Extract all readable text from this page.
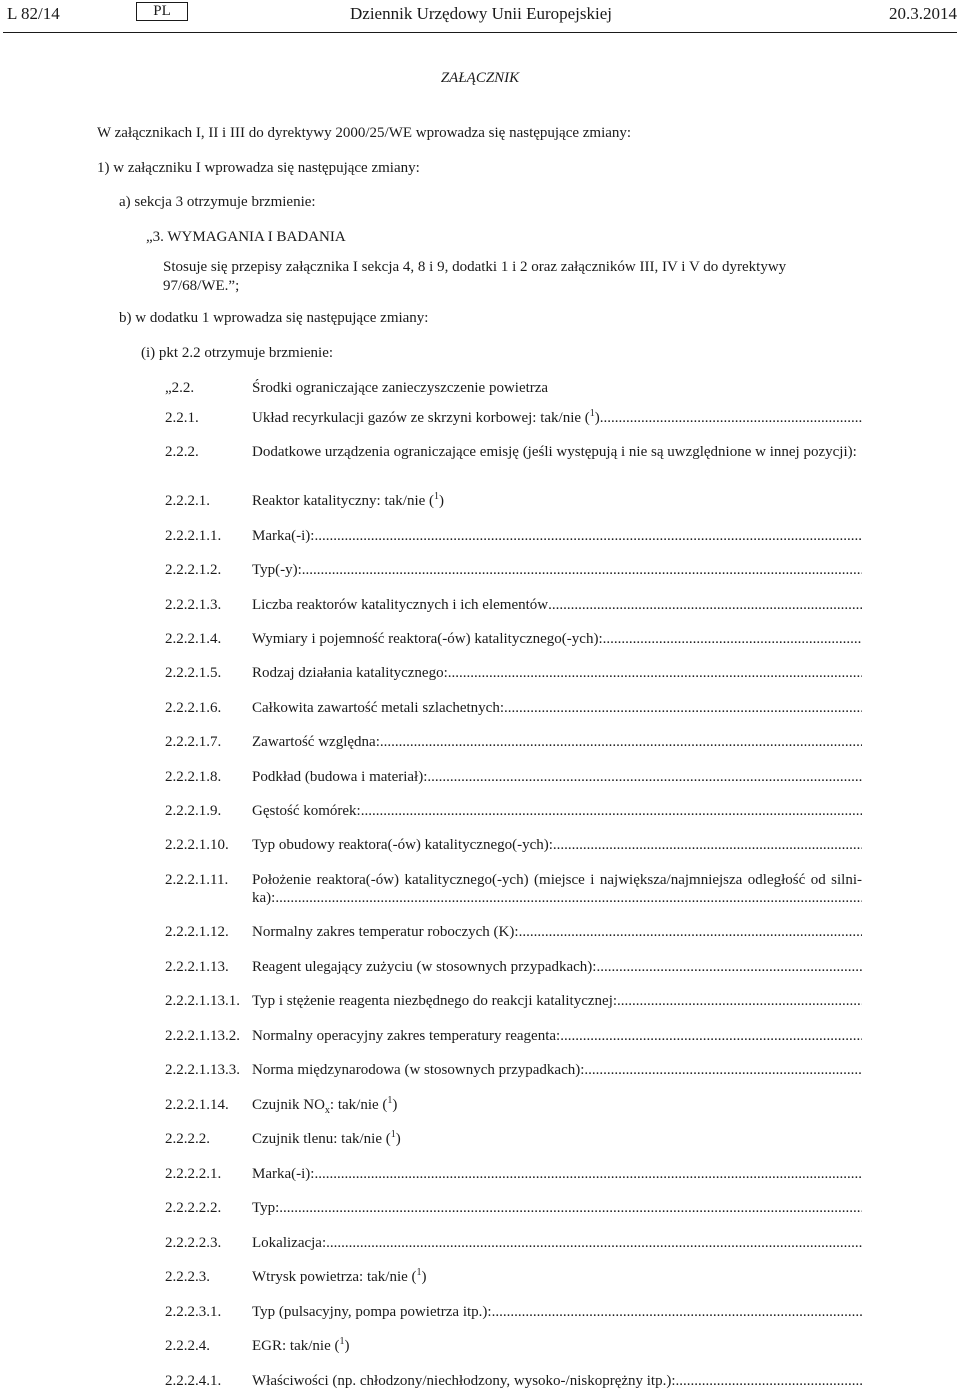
L 82/14	PL	Dziennik Urzędowy Unii Europejskiej	20.3.2014
ZAŁĄCZNIK
W załącznikach I, II i III do dyrektywy 2000/25/WE wprowadza się następujące zmiany:
1) w załączniku I wprowadza się następujące zmiany:
a) sekcja 3 otrzymuje brzmienie:
„3. WYMAGANIA I BADANIA
Stosuje się przepisy załącznika I sekcja 4, 8 i 9, dodatki 1 i 2 oraz załączników III, IV i V do dyrektywy
97/68/WE.”;
b) w dodatku 1 wprowadza się następujące zmiany:
(i) pkt 2.2 otrzymuje brzmienie:
„2.2.	Środki ograniczające zanieczyszczenie powietrza
2.2.1.	Układ recyrkulacji gazów ze skrzyni korbowej: tak/nie ($^1$)
.....
2.2.2.	Dodatkowe urządzenia ograniczające emisję (jeśli występują i nie są uwzględnione w innej pozycji):
2.2.2.1.	Reaktor katalityczny: tak/nie ($^1$)
2.2.2.1.1. Marka(-i):
.....
2.2.2.1.2. Typ(-y):
.....
2.2.2.1.3. Liczba reaktorów katalitycznych i ich elementów
.....
2.2.2.1.4. Wymiary i pojemność reaktora(-ów) katalitycznego(-ych):
.....
2.2.2.1.5. Rodzaj działania katalitycznego:
.....
2.2.2.1.6. Całkowita zawartość metali szlachetnych:
.....
2.2.2.1.7. Zawartość względna:
.....
2.2.2.1.8. Podkład (budowa i materiał):
.....
2.2.2.1.9. Gęstość komórek:
.....
2.2.2.1.10. Typ obudowy reaktora(-ów) katalitycznego(-ych):
.....
2.2.2.1.11. Położenie reaktora(-ów) katalitycznego(-ych) (miejsce i największa/najmniejsza odległość od silni-
ka):
.....
2.2.2.1.12. Normalny zakres temperatur roboczych (K):
.....
2.2.2.1.13. Reagent ulegający zużyciu (w stosownych przypadkach):
.....
2.2.2.1.13.1. Typ i stężenie reagenta niezbędnego do reakcji katalitycznej:
.....
2.2.2.1.13.2. Normalny operacyjny zakres temperatury reagenta:
.....
2.2.2.1.13.3. Norma międzynarodowa (w stosownych przypadkach):
.....
2.2.2.1.14. Czujnik $NO_x$: tak/nie ($^1$)
2.2.2.2.	Czujnik tlenu: tak/nie ($^1$)
2.2.2.2.1. Marka(-i):
.....
2.2.2.2.2. Typ:
.....
2.2.2.2.3. Lokalizacja:
.....
2.2.2.3.	Wtrysk powietrza: tak/nie ($^1$)
2.2.2.3.1. Typ (pulsacyjny, pompa powietrza itp.):
.....
2.2.2.4.	EGR: tak/nie ($^1$)
2.2.2.4.1. Właściwości (np. chłodzony/niechłodzony, wysoko-/niskoprężny itp.):
.....
